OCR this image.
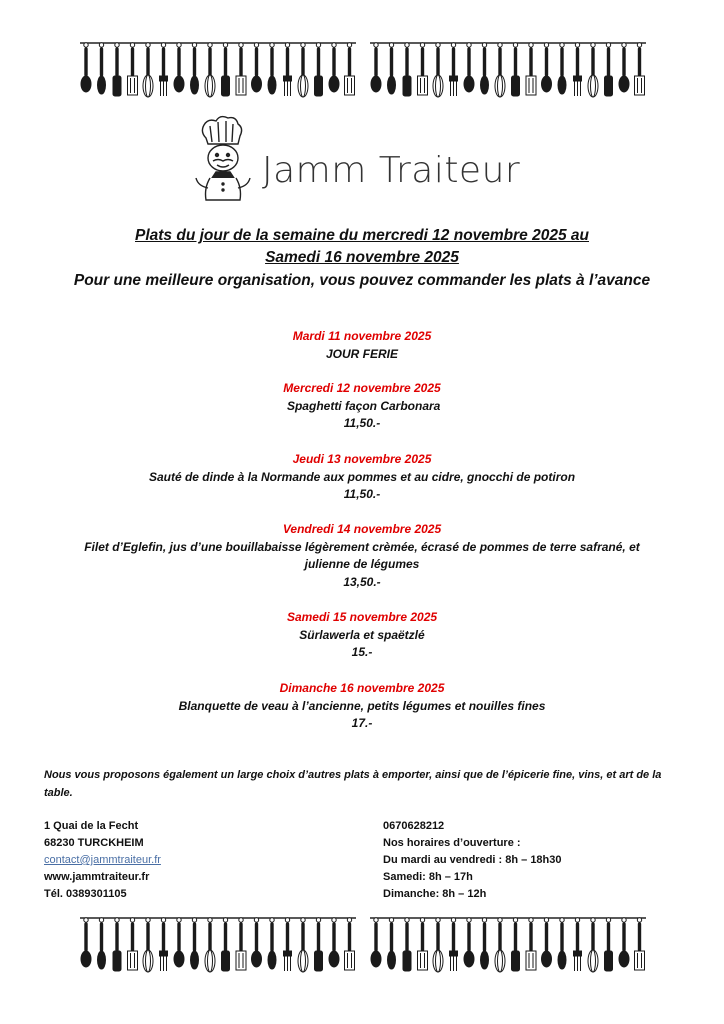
Jamm Traiteur
Plats du jour de la semaine du mercredi 12 novembre 2025 au
Samedi 16 novembre 2025
Pour une meilleure organisation, vous pouvez commander les plats à l’avance

Mardi 11 novembre 2025

JOUR FERIE

Mercredi 12 novembre 2025

Spaghetti façon Carbonara

11,50.-

Jeudi 13 novembre 2025

Sauté de dinde à la Normande aux pommes et au cidre, gnocchi de potiron

11,50.-

Vendredi 14 novembre 2025

Filet d’Eglefin, jus d’une bouillabaisse légèrement crèmée, écrasé de pommes de terre safrané, et

julienne de légumes

13,50.-

Samedi 15 novembre 2025

Sürlawerla et spaëtzlé

15.-

Dimanche 16 novembre 2025

Blanquette de veau à l’ancienne, petits légumes et nouilles fines

17.-

Nous vous proposons également un large choix d’autres plats à emporter, ainsi que de l’épicerie fine, vins, et art de la table.

1 Quai de la Fecht

68230 TURCKHEIM

contact@jammtraiteur.fr

www.jammtraiteur.fr

Tél. 0389301105

0670628212

Nos horaires d’ouverture :

Du mardi au vendredi : 8h – 18h30

Samedi: 8h – 17h

Dimanche: 8h – 12h
